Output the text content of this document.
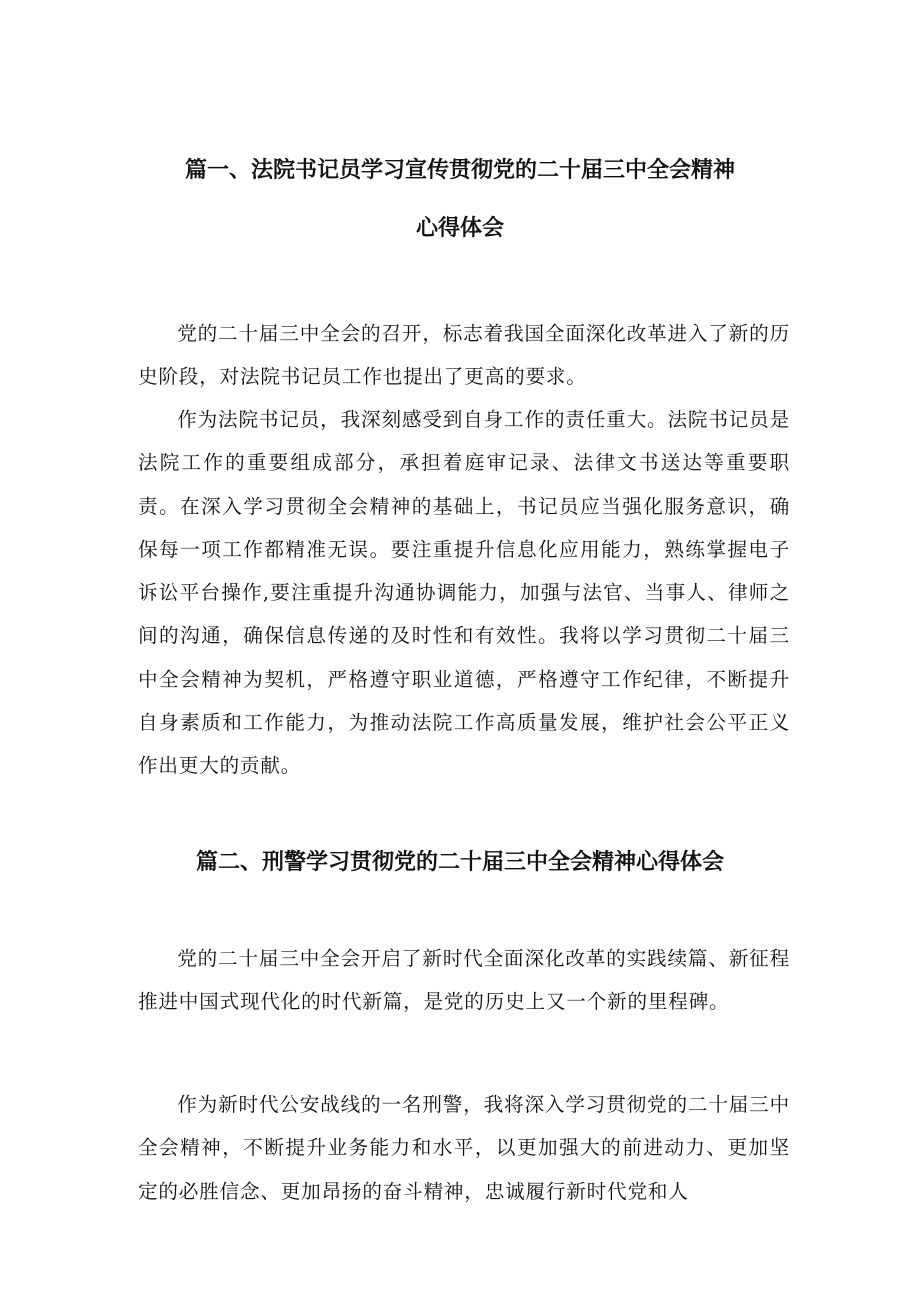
篇一、法院书记员学习宣传贯彻党的二十届三中全会精神
心得体会

党的二十届三中全会的召开，标志着我国全面深化改革进入了新的历史阶段，对法院书记员工作也提出了更高的要求。

作为法院书记员，我深刻感受到自身工作的责任重大。法院书记员是法院工作的重要组成部分，承担着庭审记录、法律文书送达等重要职责。在深入学习贯彻全会精神的基础上，书记员应当强化服务意识，确保每一项工作都精准无误。要注重提升信息化应用能力，熟练掌握电子诉讼平台操作,要注重提升沟通协调能力，加强与法官、当事人、律师之间的沟通，确保信息传递的及时性和有效性。我将以学习贯彻二十届三中全会精神为契机，严格遵守职业道德，严格遵守工作纪律，不断提升自身素质和工作能力，为推动法院工作高质量发展，维护社会公平正义作出更大的贡献。

篇二、刑警学习贯彻党的二十届三中全会精神心得体会

党的二十届三中全会开启了新时代全面深化改革的实践续篇、新征程推进中国式现代化的时代新篇，是党的历史上又一个新的里程碑。

作为新时代公安战线的一名刑警，我将深入学习贯彻党的二十届三中全会精神，不断提升业务能力和水平，以更加强大的前进动力、更加坚定的必胜信念、更加昂扬的奋斗精神，忠诚履行新时代党和人
